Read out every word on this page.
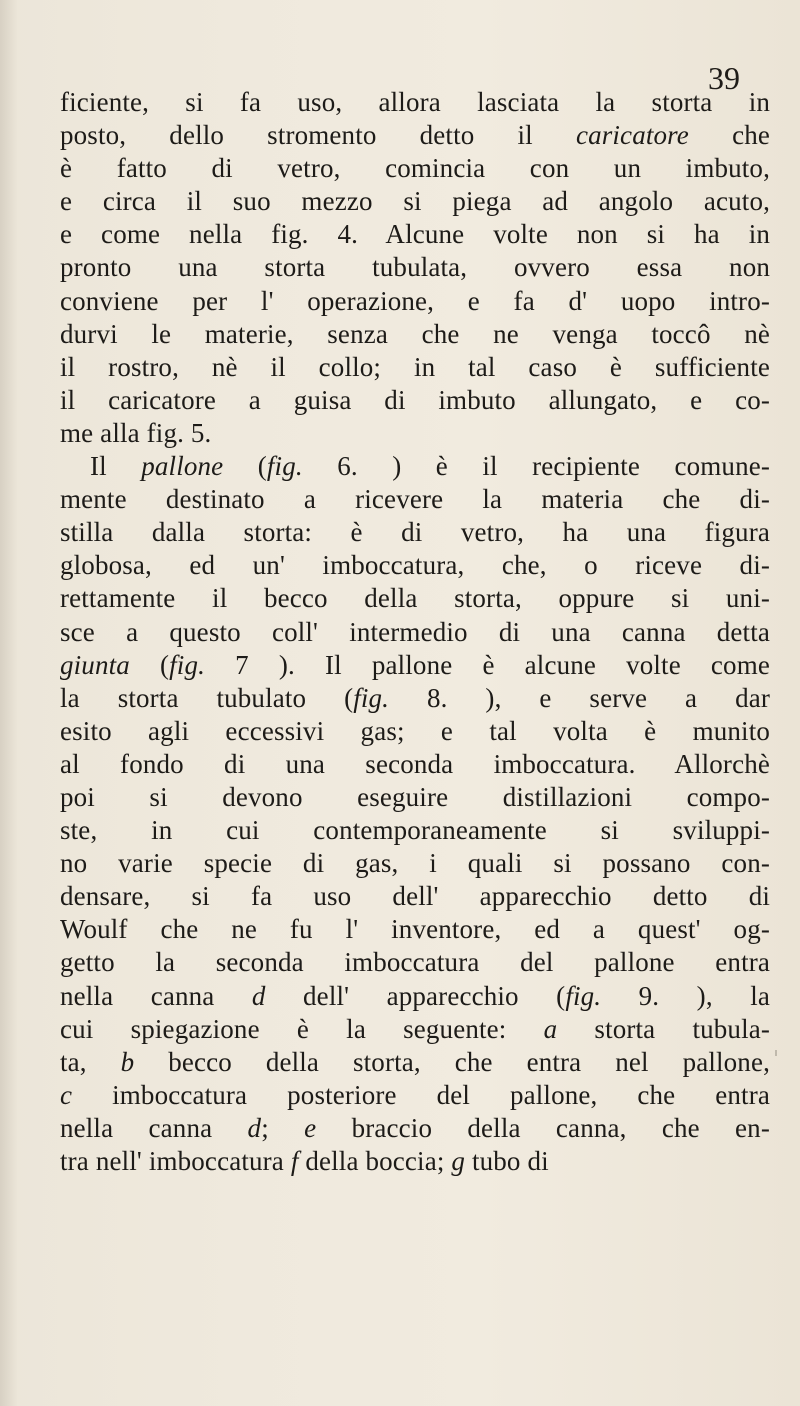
39
ficiente, si fa uso, allora lasciata la storta in
posto, dello stromento detto il caricatore che
è fatto di vetro, comincia con un imbuto,
e circa il suo mezzo si piega ad angolo acuto,
e come nella fig. 4. Alcune volte non si ha in
pronto una storta tubulata, ovvero essa non
conviene per l' operazione, e fa d' uopo intro-
durvi le materie, senza che ne venga toccô nè
il rostro, nè il collo; in tal caso è sufficiente
il caricatore a guisa di imbuto allungato, e co-
me alla fig. 5.
Il pallone (fig. 6. ) è il recipiente comune-
mente destinato a ricevere la materia che di-
stilla dalla storta: è di vetro, ha una figura
globosa, ed un' imboccatura, che, o riceve di-
rettamente il becco della storta, oppure si uni-
sce a questo coll' intermedio di una canna detta
giunta (fig. 7 ). Il pallone è alcune volte come
la storta tubulato (fig. 8. ), e serve a dar
esito agli eccessivi gas; e tal volta è munito
al fondo di una seconda imboccatura. Allorchè
poi si devono eseguire distillazioni compo-
ste, in cui contemporaneamente si sviluppi-
no varie specie di gas, i quali si possano con-
densare, si fa uso dell' apparecchio detto di
Woulf che ne fu l' inventore, ed a quest' og-
getto la seconda imboccatura del pallone entra
nella canna d dell' apparecchio (fig. 9. ), la
cui spiegazione è la seguente: a storta tubula-
ta, b becco della storta, che entra nel pallone,
c imboccatura posteriore del pallone, che entra
nella canna d; e braccio della canna, che en-
tra nell' imboccatura f della boccia; g tubo di
